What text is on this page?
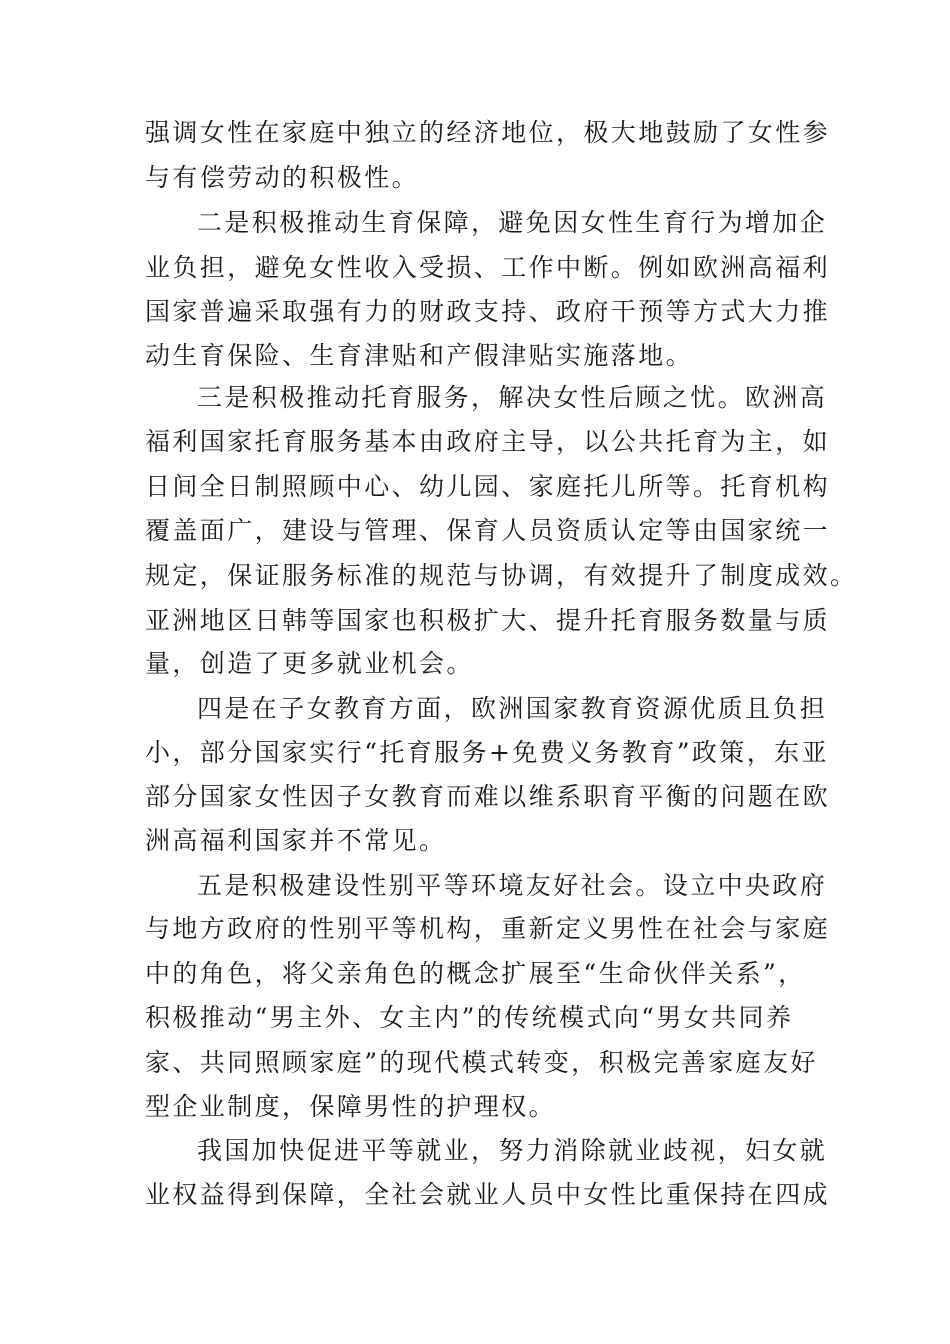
强调女性在家庭中独立的经济地位，极大地鼓励了女性参
与有偿劳动的积极性。
二是积极推动生育保障，避免因女性生育行为增加企
业负担，避免女性收入受损、工作中断。例如欧洲高福利
国家普遍采取强有力的财政支持、政府干预等方式大力推
动生育保险、生育津贴和产假津贴实施落地。
三是积极推动托育服务，解决女性后顾之忧。欧洲高
福利国家托育服务基本由政府主导，以公共托育为主，如
日间全日制照顾中心、幼儿园、家庭托儿所等。托育机构
覆盖面广，建设与管理、保育人员资质认定等由国家统一
规定，保证服务标准的规范与协调，有效提升了制度成效。
亚洲地区日韩等国家也积极扩大、提升托育服务数量与质
量，创造了更多就业机会。
四是在子女教育方面，欧洲国家教育资源优质且负担
小，部分国家实行“托育服务+免费义务教育”政策，东亚
部分国家女性因子女教育而难以维系职育平衡的问题在欧
洲高福利国家并不常见。
五是积极建设性别平等环境友好社会。设立中央政府
与地方政府的性别平等机构，重新定义男性在社会与家庭
中的角色，将父亲角色的概念扩展至“生命伙伴关系”，
积极推动“男主外、女主内”的传统模式向“男女共同养
家、共同照顾家庭”的现代模式转变，积极完善家庭友好
型企业制度，保障男性的护理权。
我国加快促进平等就业，努力消除就业歧视，妇女就
业权益得到保障，全社会就业人员中女性比重保持在四成
